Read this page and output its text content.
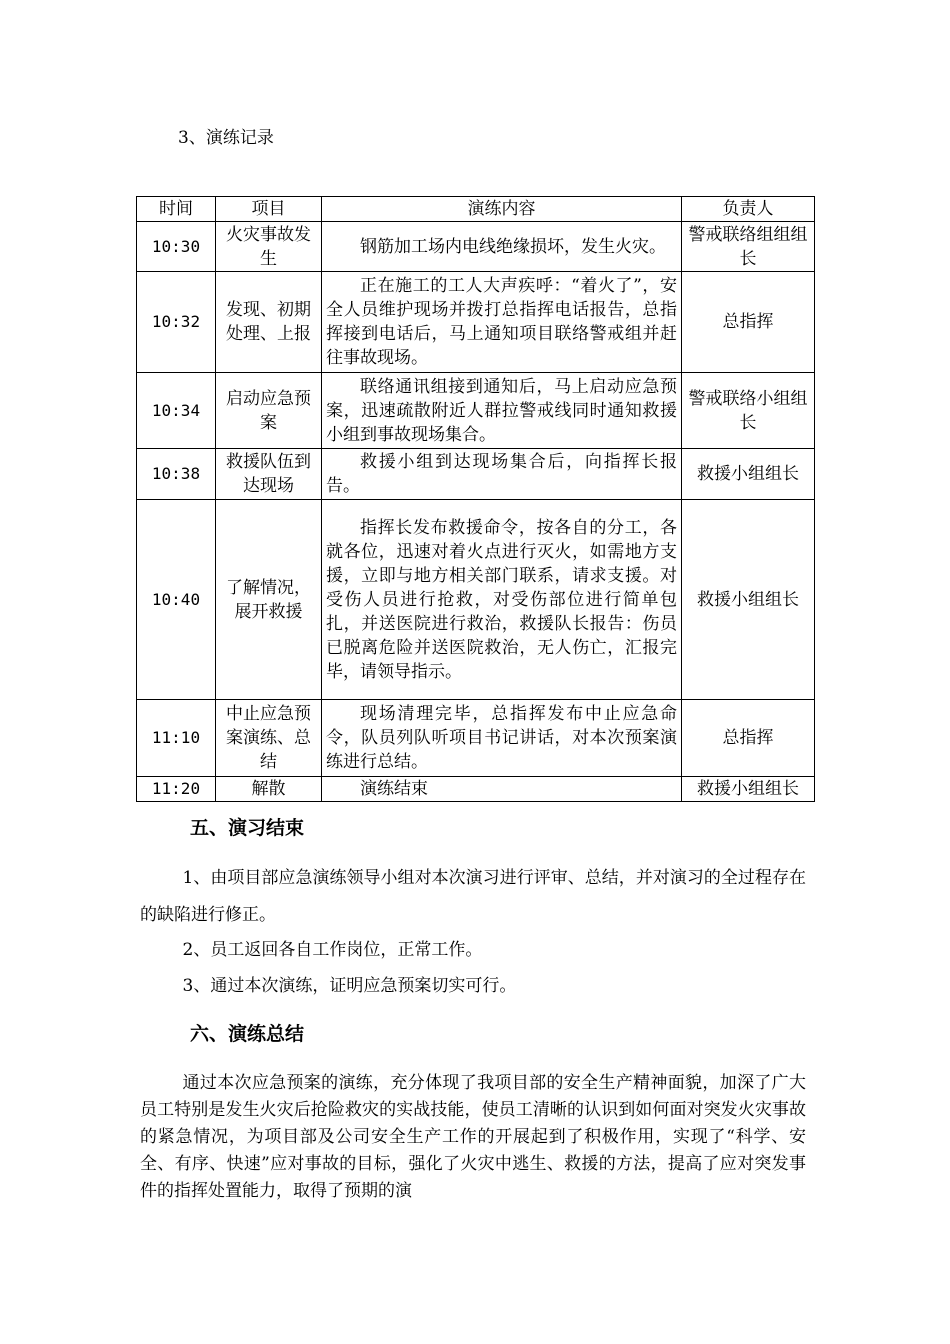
3、演练记录
时间	项目	演练内容	负责人
10:30	火灾事故发生	钢筋加工场内电线绝缘损坏，发生火灾。	警戒联络组组组长
10:32	发现、初期处理、上报	正在施工的工人大声疾呼：“着火了”，安全人员维护现场并拨打总指挥电话报告，总指挥接到电话后，马上通知项目联络警戒组并赶往事故现场。	总指挥
10:34	启动应急预案	联络通讯组接到通知后，马上启动应急预案，迅速疏散附近人群拉警戒线同时通知救援小组到事故现场集合。	警戒联络小组组长
10:38	救援队伍到达现场	救援小组到达现场集合后，向指挥长报告。	救援小组组长
10:40	了解情况，展开救援	指挥长发布救援命令，按各自的分工，各就各位，迅速对着火点进行灭火，如需地方支援，立即与地方相关部门联系，请求支援。对受伤人员进行抢救，对受伤部位进行简单包扎，并送医院进行救治，救援队长报告：伤员已脱离危险并送医院救治，无人伤亡，汇报完毕，请领导指示。	救援小组组长
11:10	中止应急预案演练、总结	现场清理完毕，总指挥发布中止应急命令，队员列队听项目书记讲话，对本次预案演练进行总结。	总指挥
11:20	解散	演练结束	救援小组组长
五、演习结束

1、由项目部应急演练领导小组对本次演习进行评审、总结，并对演习的全过程存在的缺陷进行修正。

2、员工返回各自工作岗位，正常工作。

3、通过本次演练，证明应急预案切实可行。

六、演练总结

通过本次应急预案的演练，充分体现了我项目部的安全生产精神面貌，加深了广大员工特别是发生火灾后抢险救灾的实战技能，使员工清晰的认识到如何面对突发火灾事故的紧急情况，为项目部及公司安全生产工作的开展起到了积极作用，实现了“科学、安全、有序、快速”应对事故的目标，强化了火灾中逃生、救援的方法，提高了应对突发事件的指挥处置能力，取得了预期的演
